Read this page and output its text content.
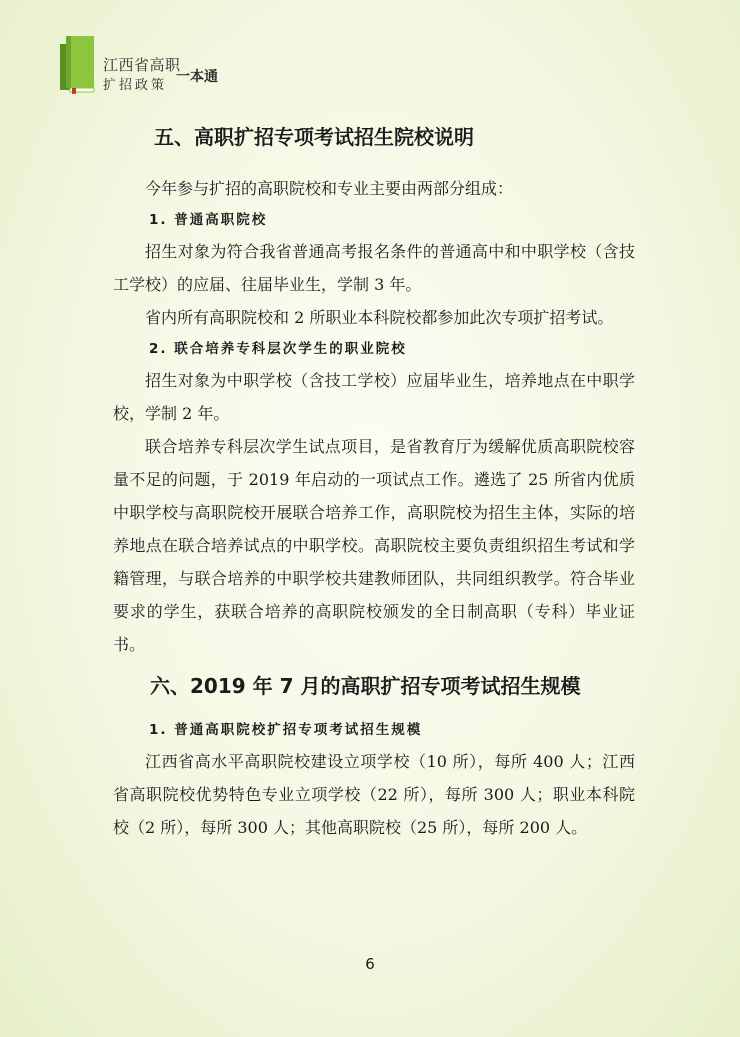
江西省高职
扩招政策
一本通
五、高职扩招专项考试招生院校说明

今年参与扩招的高职院校和专业主要由两部分组成：

1. 普通高职院校

招生对象为符合我省普通高考报名条件的普通高中和中职学校（含技工学校）的应届、往届毕业生，学制 3 年。

省内所有高职院校和 2 所职业本科院校都参加此次专项扩招考试。

2. 联合培养专科层次学生的职业院校

招生对象为中职学校（含技工学校）应届毕业生，培养地点在中职学校，学制 2 年。

联合培养专科层次学生试点项目，是省教育厅为缓解优质高职院校容量不足的问题，于 2019 年启动的一项试点工作。遴选了 25 所省内优质中职学校与高职院校开展联合培养工作，高职院校为招生主体，实际的培养地点在联合培养试点的中职学校。高职院校主要负责组织招生考试和学籍管理，与联合培养的中职学校共建教师团队，共同组织教学。符合毕业要求的学生，获联合培养的高职院校颁发的全日制高职（专科）毕业证书。

六、2019 年 7 月的高职扩招专项考试招生规模
1. 普通高职院校扩招专项考试招生规模

江西省高水平高职院校建设立项学校（10 所），每所 400 人；江西省高职院校优势特色专业立项学校（22 所），每所 300 人；职业本科院校（2 所），每所 300 人；其他高职院校（25 所），每所 200 人。

6
